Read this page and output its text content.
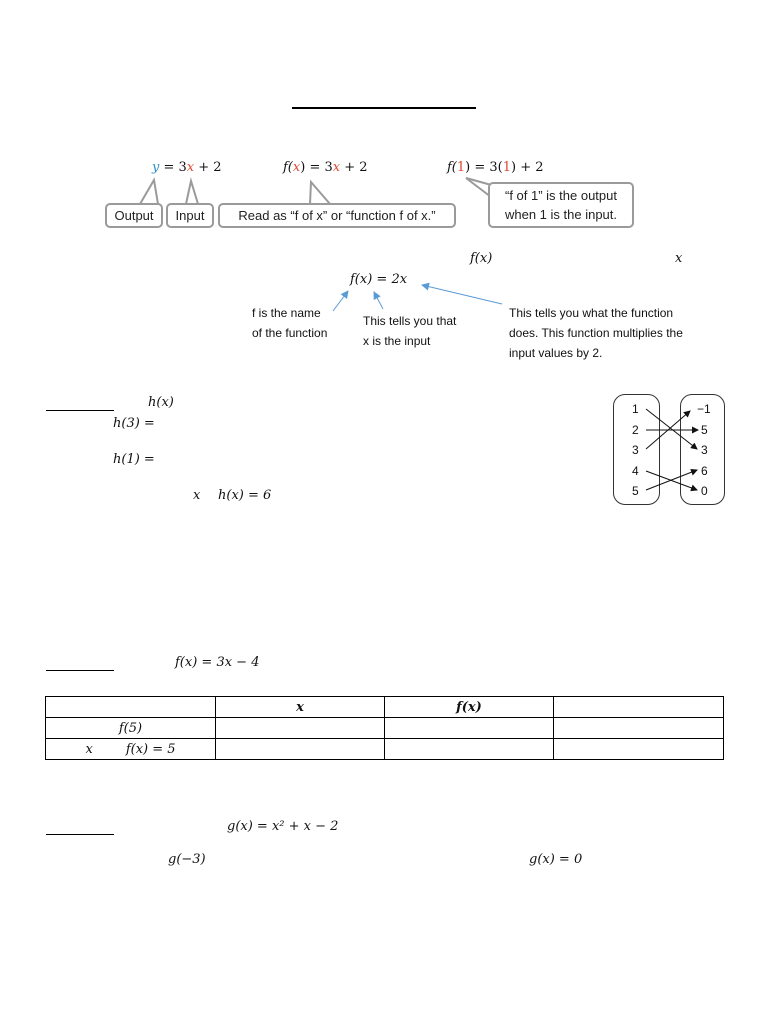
y = 3x + 2	f(x) = 3x + 2	f(1) = 3(1) + 2
Output	Input	Read as “f of x” or “function f of x.”
“f of 1” is the output
when 1 is the input.
f(x)	x
f(x) = 2x
f is the name
of the function
This tells you that
x is the input
This tells you what the function
does. This function multiplies the
input values by 2.
h(x)
h(3) =
h(1) =
x h(x) = 6
1
2
3
4
5
−1
5
3
6
0
f(x) = 3x − 4
	x	f(x)	
f(5)			
x        f(x) = 5			
g(x) = x² + x − 2
g(−3)	g(x) = 0
